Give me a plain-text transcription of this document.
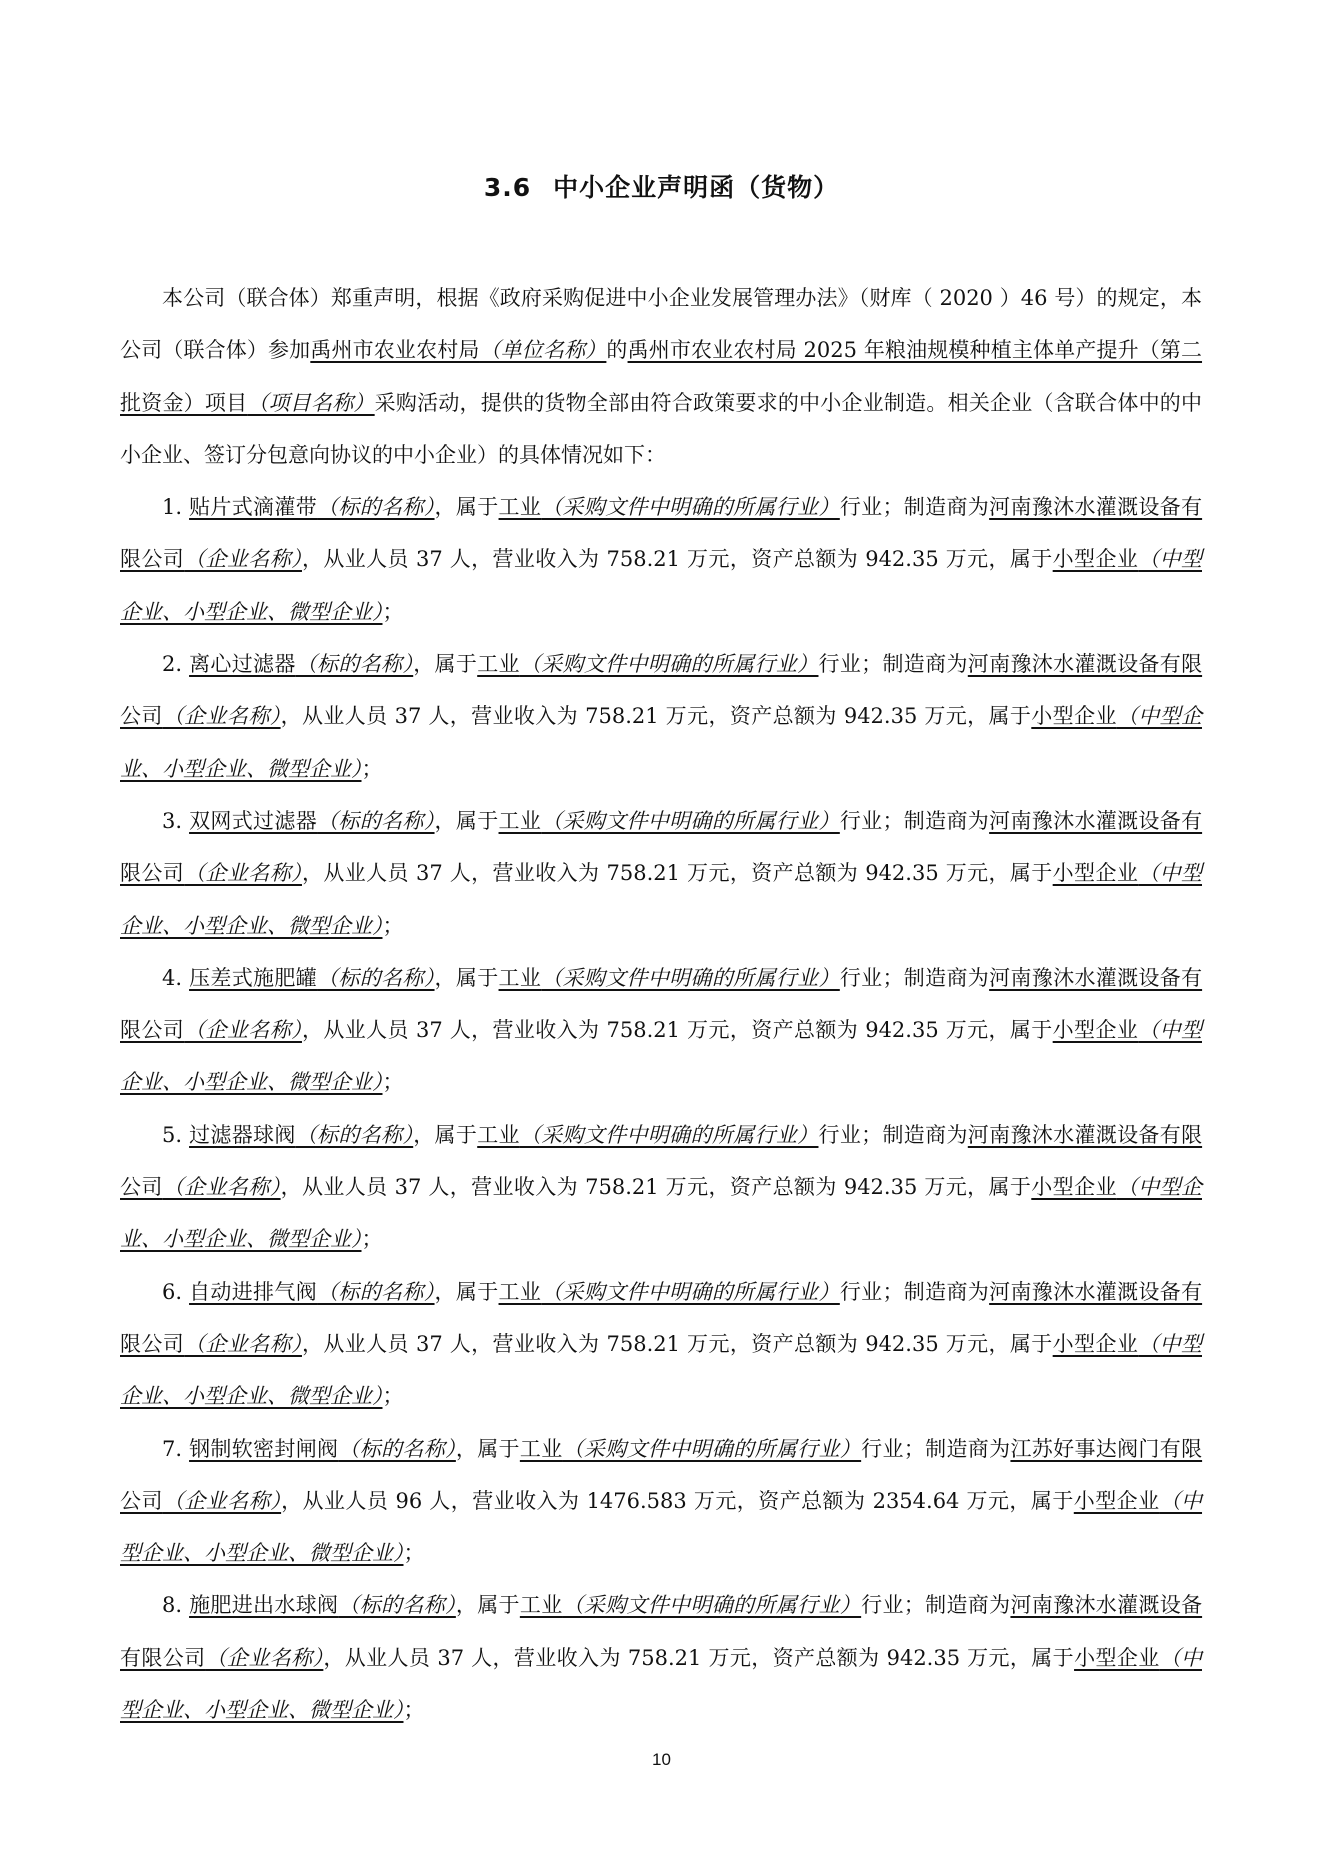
3.6 中小企业声明函（货物）

本公司（联合体）郑重声明，根据《政府采购促进中小企业发展管理办法》（财库（ 2020 ）46 号）的规定，本公司（联合体）参加禹州市农业农村局（单位名称）的禹州市农业农村局 2025 年粮油规模种植主体单产提升（第二批资金）项目（项目名称）采购活动，提供的货物全部由符合政策要求的中小企业制造。相关企业（含联合体中的中小企业、签订分包意向协议的中小企业）的具体情况如下：

1. 贴片式滴灌带（标的名称），属于工业（采购文件中明确的所属行业）行业；制造商为河南豫沐水灌溉设备有限公司（企业名称），从业人员 37 人，营业收入为 758.21 万元，资产总额为 942.35 万元，属于小型企业（中型企业、小型企业、微型企业）；

2. 离心过滤器（标的名称），属于工业（采购文件中明确的所属行业）行业；制造商为河南豫沐水灌溉设备有限公司（企业名称），从业人员 37 人，营业收入为 758.21 万元，资产总额为 942.35 万元，属于小型企业（中型企业、小型企业、微型企业）；

3. 双网式过滤器（标的名称），属于工业（采购文件中明确的所属行业）行业；制造商为河南豫沐水灌溉设备有限公司（企业名称），从业人员 37 人，营业收入为 758.21 万元，资产总额为 942.35 万元，属于小型企业（中型企业、小型企业、微型企业）；

4. 压差式施肥罐（标的名称），属于工业（采购文件中明确的所属行业）行业；制造商为河南豫沐水灌溉设备有限公司（企业名称），从业人员 37 人，营业收入为 758.21 万元，资产总额为 942.35 万元，属于小型企业（中型企业、小型企业、微型企业）；

5. 过滤器球阀（标的名称），属于工业（采购文件中明确的所属行业）行业；制造商为河南豫沐水灌溉设备有限公司（企业名称），从业人员 37 人，营业收入为 758.21 万元，资产总额为 942.35 万元，属于小型企业（中型企业、小型企业、微型企业）；

6. 自动进排气阀（标的名称），属于工业（采购文件中明确的所属行业）行业；制造商为河南豫沐水灌溉设备有限公司（企业名称），从业人员 37 人，营业收入为 758.21 万元，资产总额为 942.35 万元，属于小型企业（中型企业、小型企业、微型企业）；

7. 钢制软密封闸阀（标的名称），属于工业（采购文件中明确的所属行业）行业；制造商为江苏好事达阀门有限公司（企业名称），从业人员 96 人，营业收入为 1476.583 万元，资产总额为 2354.64 万元，属于小型企业（中型企业、小型企业、微型企业）；

8. 施肥进出水球阀（标的名称），属于工业（采购文件中明确的所属行业）行业；制造商为河南豫沐水灌溉设备有限公司（企业名称），从业人员 37 人，营业收入为 758.21 万元，资产总额为 942.35 万元，属于小型企业（中型企业、小型企业、微型企业）；

10
